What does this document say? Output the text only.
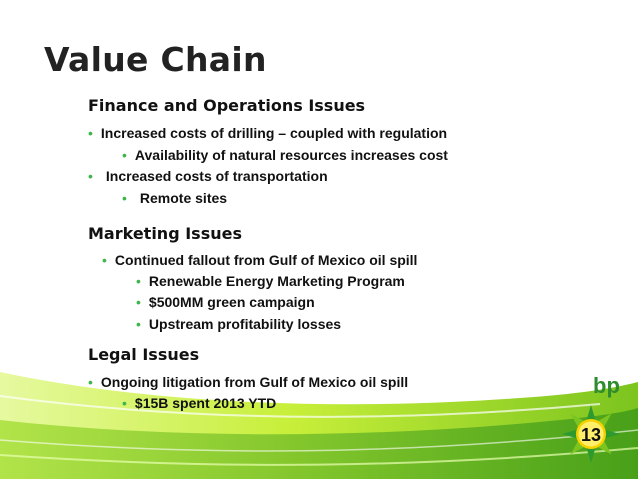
Value Chain
Finance and Operations Issues
• Increased costs of drilling – coupled with regulation
• Availability of natural resources increases cost
• Increased costs of transportation
• Remote sites
Marketing Issues
• Continued fallout from Gulf of Mexico oil spill
• Renewable Energy Marketing Program
• $500MM green campaign
• Upstream profitability losses
Legal Issues
• Ongoing litigation from Gulf of Mexico oil spill
• $15B spent 2013 YTD
bp
13
